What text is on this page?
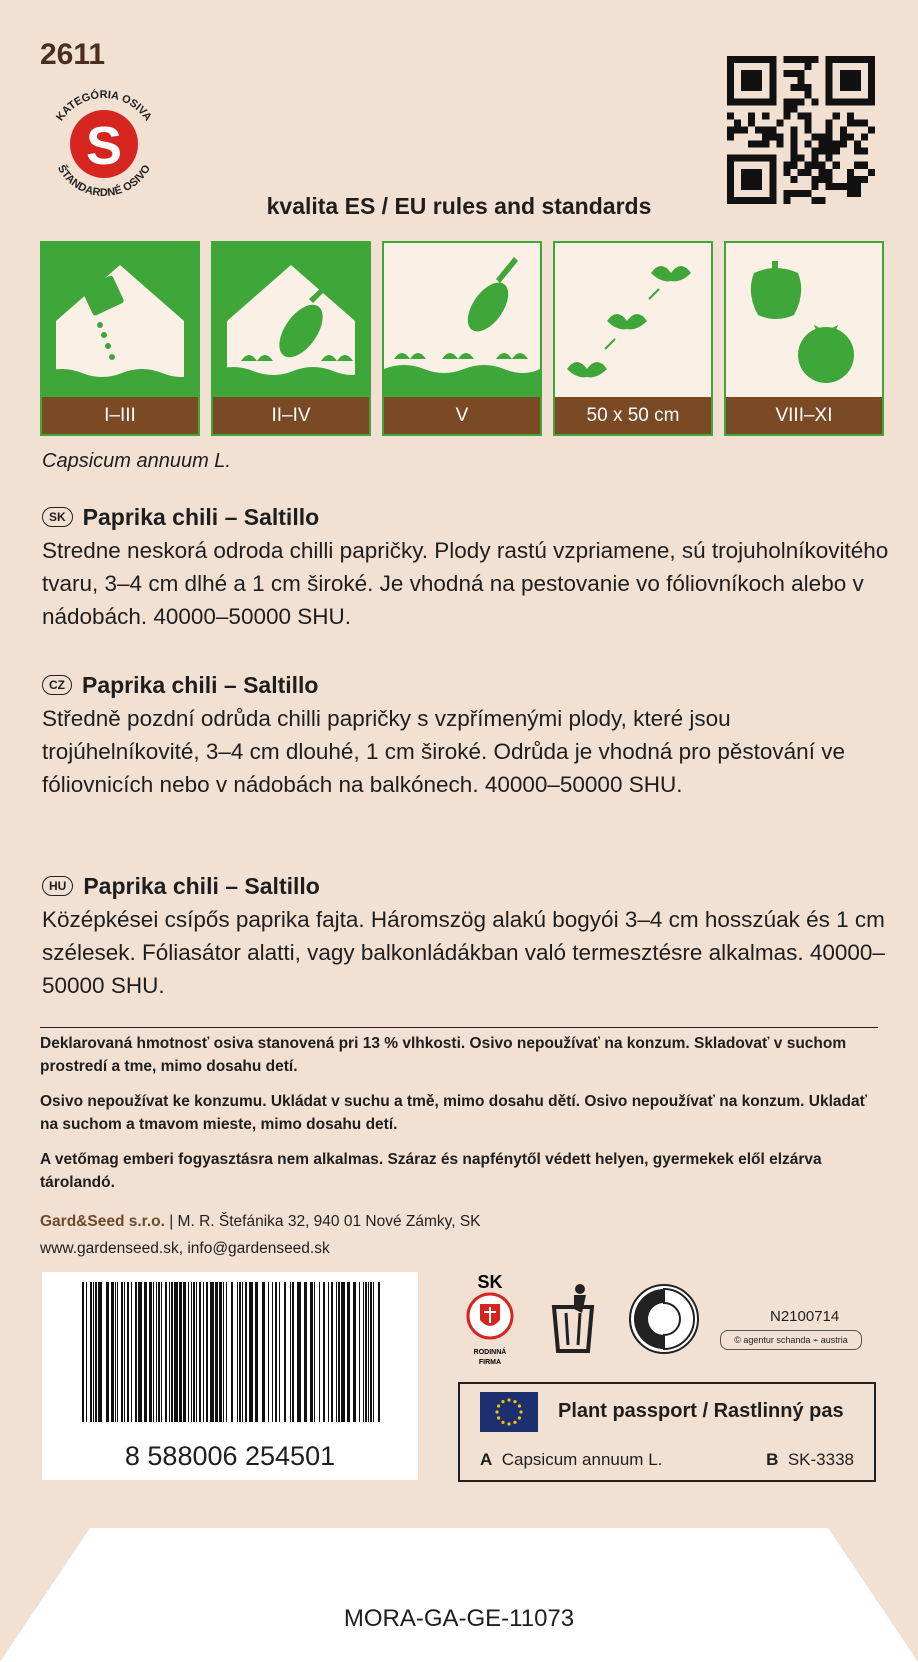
2611
KATEGÓRIA OSIVA
ŠTANDARDNÉ OSIVO
S
kvalita ES / EU rules and standards
I–III	II–IV	V	50 x 50 cm	VIII–XI
Capsicum annuum L.
SK Paprika chili – Saltillo
Stredne neskorá odroda chilli papričky. Plody rastú vzpriamene, sú trojuholníkovitého tvaru, 3–4 cm dlhé a 1 cm široké. Je vhodná na pestovanie vo fóliovníkoch alebo v nádobách. 40000–50000 SHU.
CZ Paprika chili – Saltillo
Středně pozdní odrůda chilli papričky s vzpřímenými plody, které jsou trojúhelníkovité, 3–4 cm dlouhé, 1 cm široké. Odrůda je vhodná pro pěstování ve fóliovnicích nebo v nádobách na balkónech. 40000–50000 SHU.
HU Paprika chili – Saltillo
Középkései csípős paprika fajta. Háromszög alakú bogyói 3–4 cm hosszúak és 1 cm szélesek. Fóliasátor alatti, vagy balkonládákban való termesztésre alkalmas. 40000–50000 SHU.
Deklarovaná hmotnosť osiva stanovená pri 13 % vlhkosti. Osivo nepoužívať na konzum. Skladovať v suchom prostredí a tme, mimo dosahu detí.
Osivo nepoužívat ke konzumu. Ukládat v suchu a tmě, mimo dosahu dětí. Osivo nepoužívať na konzum. Ukladať na suchom a tmavom mieste, mimo dosahu detí.
A vetőmag emberi fogyasztásra nem alkalmas. Száraz és napfénytől védett helyen, gyermekek elől elzárva tárolandó.
Gard&Seed s.r.o. | M. R. Štefánika 32, 940 01 Nové Zámky, SK
www.gardenseed.sk, info@gardenseed.sk
8 588006 254501
SK
RODINNÁ
FIRMA
N2100714
© agentur schanda ⌁ austria
Plant passport / Rastlinný pas
A Capsicum annuum L.	B SK-3338
MORA-GA-GE-11073
